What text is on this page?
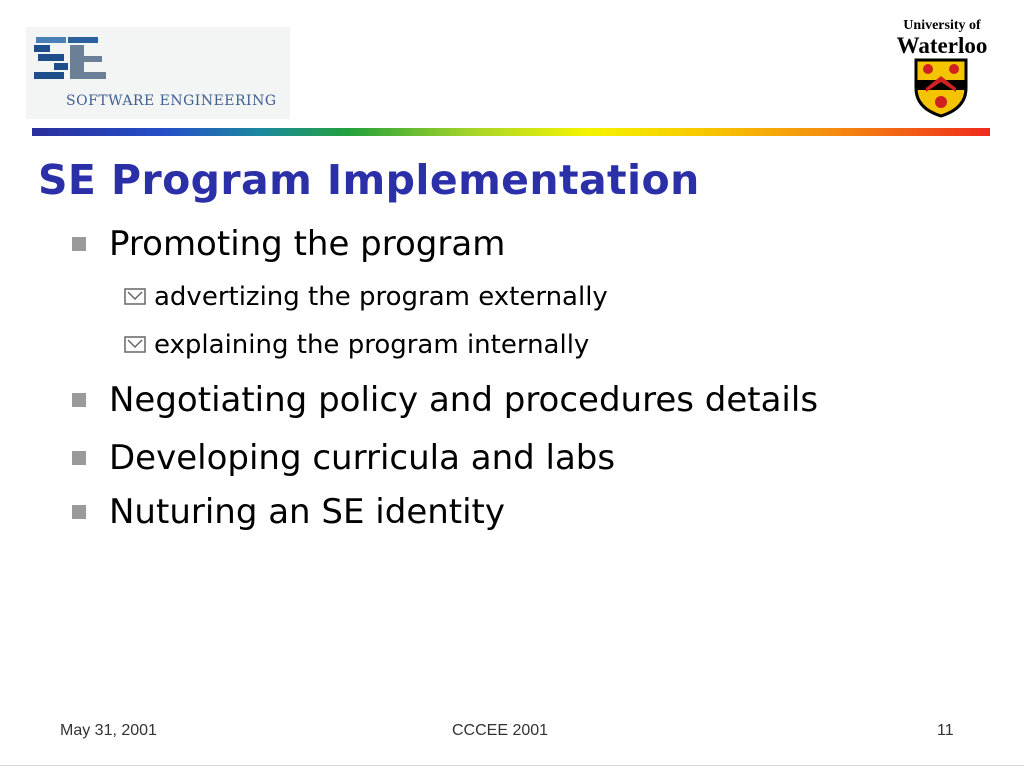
SOFTWARE ENGINEERING
University of
Waterloo
SE Program Implementation
Promoting the program
advertizing the program externally
explaining the program internally
Negotiating policy and procedures details
Developing curricula and labs
Nuturing an SE identity
May 31, 2001	CCCEE 2001	11
